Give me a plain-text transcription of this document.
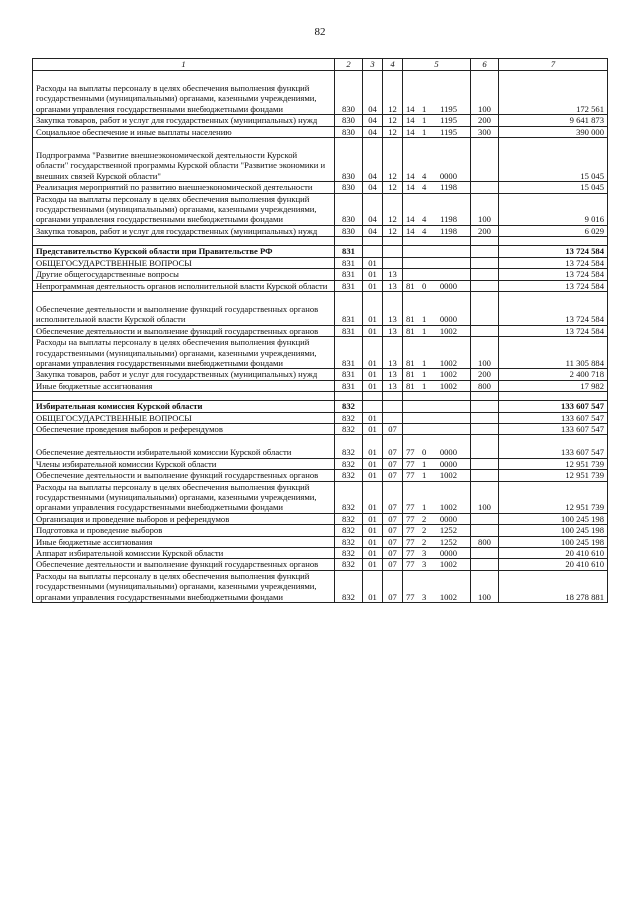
82
1	2	3	4	5	6	7
Расходы на выплаты персоналу в целях обеспечения выполнения функций государственными (муниципальными) органами, казенными учреждениями, органами управления государственными внебюджетными фондами	830	04	12	14 1 1195	100	172 561
Закупка товаров, работ и услуг для государственных (муниципальных) нужд	830	04	12	14 1 1195	200	9 641 873
Социальное обеспечение и иные выплаты населению	830	04	12	14 1 1195	300	390 000
Подпрограмма "Развитие внешнеэкономической деятельности Курской области" государственной программы Курской области "Развитие экономики и внешних связей Курской области"	830	04	12	14 4 0000		15 045
Реализация мероприятий по развитию внешнеэкономической деятельности	830	04	12	14 4 1198		15 045
Расходы на выплаты персоналу в целях обеспечения выполнения функций государственными (муниципальными) органами, казенными учреждениями, органами управления государственными внебюджетными фондами	830	04	12	14 4 1198	100	9 016
Закупка товаров, работ и услуг для государственных (муниципальных) нужд	830	04	12	14 4 1198	200	6 029

Представительство Курской области при Правительстве РФ	831					13 724 584
ОБЩЕГОСУДАРСТВЕННЫЕ ВОПРОСЫ	831	01				13 724 584
Другие общегосударственные вопросы	831	01	13			13 724 584
Непрограммная деятельность органов исполнительной власти Курской области	831	01	13	81 0 0000		13 724 584
Обеспечение деятельности и выполнение функций государственных органов исполнительной власти Курской области	831	01	13	81 1 0000		13 724 584
Обеспечение деятельности и выполнение функций государственных органов	831	01	13	81 1 1002		13 724 584
Расходы на выплаты персоналу в целях обеспечения выполнения функций государственными (муниципальными) органами, казенными учреждениями, органами управления государственными внебюджетными фондами	831	01	13	81 1 1002	100	11 305 884
Закупка товаров, работ и услуг для государственных (муниципальных) нужд	831	01	13	81 1 1002	200	2 400 718
Иные бюджетные ассигнования	831	01	13	81 1 1002	800	17 982

Избирательная комиссия Курской области	832					133 607 547
ОБЩЕГОСУДАРСТВЕННЫЕ ВОПРОСЫ	832	01				133 607 547
Обеспечение проведения выборов и референдумов	832	01	07			133 607 547
Обеспечение деятельности избирательной комиссии Курской области	832	01	07	77 0 0000		133 607 547
Члены избирательной комиссии Курской области	832	01	07	77 1 0000		12 951 739
Обеспечение деятельности и выполнение функций государственных органов	832	01	07	77 1 1002		12 951 739
Расходы на выплаты персоналу в целях обеспечения выполнения функций государственными (муниципальными) органами, казенными учреждениями, органами управления государственными внебюджетными фондами	832	01	07	77 1 1002	100	12 951 739
Организация и проведение выборов и референдумов	832	01	07	77 2 0000		100 245 198
Подготовка и проведение выборов	832	01	07	77 2 1252		100 245 198
Иные бюджетные ассигнования	832	01	07	77 2 1252	800	100 245 198
Аппарат избирательной комиссии Курской области	832	01	07	77 3 0000		20 410 610
Обеспечение деятельности и выполнение функций государственных органов	832	01	07	77 3 1002		20 410 610
Расходы на выплаты персоналу в целях обеспечения выполнения функций государственными (муниципальными) органами, казенными учреждениями, органами управления государственными внебюджетными фондами	832	01	07	77 3 1002	100	18 278 881
